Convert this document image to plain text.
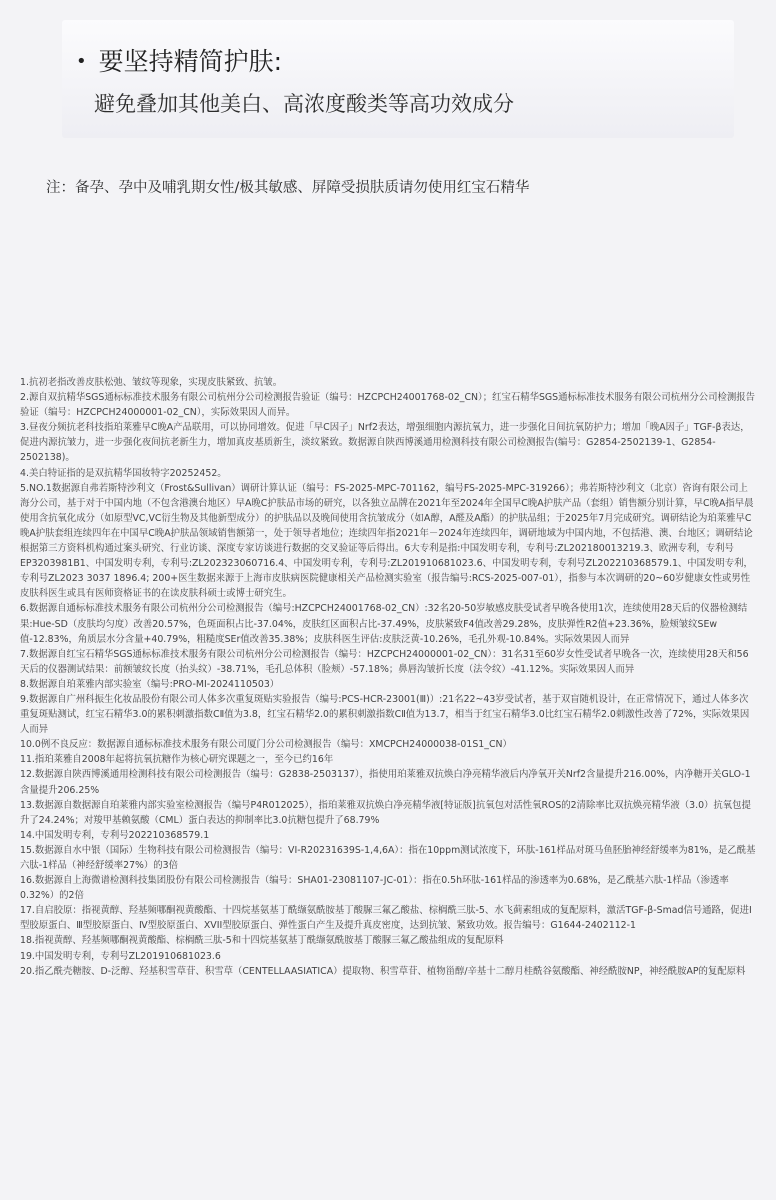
• 要坚持精简护肤:
避免叠加其他美白、高浓度酸类等高功效成分
注：备孕、孕中及哺乳期女性/极其敏感、屏障受损肤质请勿使用红宝石精华

1.抗初老指改善皮肤松弛、皱纹等现象，实现皮肤紧致、抗皱。

2.源自双抗精华SGS通标标准技术服务有限公司杭州分公司检测报告验证（编号：HZCPCH24001768-02_CN）；红宝石精华SGS通标标准技术服务有限公司杭州分公司检测报告验证（编号：HZCPCH24000001-02_CN），实际效果因人而异。

3.昼夜分频抗老科技指珀莱雅早C晚A产品联用，可以协同增效。促进「早C因子」Nrf2表达，增强细胞内源抗氧力，进一步强化日间抗氧防护力；增加「晚A因子」TGF-β表达，促进内源抗皱力，进一步强化夜间抗老新生力，增加真皮基质新生，淡纹紧致。数据源自陕西博溪通用检测科技有限公司检测报告(编号：G2854-2502139-1、G2854-2502138)。

4.美白特证指的是双抗精华国妆特字20252452。

5.NO.1数据源自弗若斯特沙利文（Frost&Sullivan）调研计算认证（编号：FS-2025-MPC-701162，编号FS-2025-MPC-319266）；弗若斯特沙利文（北京）咨询有限公司上海分公司，基于对于中国内地（不包含港澳台地区）早A晚C护肤品市场的研究，以各独立品牌在2021年至2024年全国早C晚A护肤产品（套组）销售额分别计算，早C晚A指早晨使用含抗氧化成分（如原型VC,VC衍生物及其他新型成分）的护肤品以及晚间使用含抗皱成分（如A醇，A醛及A酯）的护肤品组；于2025年7月完成研究。调研结论为珀莱雅早C晚A护肤套组连续四年在中国早C晚A护肤品领域销售额第一，处于领导者地位；连续四年指2021年－2024年连续四年，调研地域为中国内地，不包括港、澳、台地区；调研结论根据第三方资料机构通过案头研究、行业访谈、深度专家访谈进行数据的交叉验证等后得出。6大专利是指:中国发明专利，专利号:ZL202180013219.3、欧洲专利，专利号EP3203981B1、中国发明专利，专利号:ZL202323060716.4、中国发明专利，专利号:ZL201910681023.6、中国发明专利，专利号ZL202210368579.1、中国发明专利，专利号ZL2023 3037 1896.4; 200+医生数据来源于上海市皮肤病医院健康相关产品检测实验室（报告编号:RCS-2025-007-01），指参与本次调研的20~60岁健康女性或男性皮肤科医生或具有医师资格证书的在读皮肤科硕士或博士研究生。

6.数据源自通标标准技术服务有限公司杭州分公司检测报告（编号:HZCPCH24001768-02_CN）:32名20-50岁敏感皮肤受试者早晚各使用1次，连续使用28天后的仪器检测结果:Hue-SD（皮肤均匀度）改善20.57%，色斑面积占比-37.04%，皮肤红区面积占比-37.49%，皮肤紧致F4值改善29.28%，皮肤弹性R2值+23.36%，脸颊皱纹SEw值-12.83%，角质层水分含量+40.79%，粗糙度SEr值改善35.38%；皮肤科医生评估:皮肤泛黄-10.26%，毛孔外观-10.84%。实际效果因人而异

7.数据源自红宝石精华SGS通标标准技术服务有限公司杭州分公司检测报告（编号：HZCPCH24000001-02_CN）：31名31至60岁女性受试者早晚各一次，连续使用28天和56天后的仪器测试结果：前额皱纹长度（抬头纹）-38.71%，毛孔总体积（脸颊）-57.18%；鼻唇沟皱折长度（法令纹）-41.12%。实际效果因人而异

8.数据源自珀莱雅内部实验室（编号:PRO-MI-2024110503）

9.数据源自广州科振生化妆品股份有限公司人体多次重复斑贴实验报告（编号:PCS-HCR-23001(Ⅲ)）:21名22~43岁受试者，基于双盲随机设计，在正常情况下，通过人体多次重复斑贴测试，红宝石精华3.0的累积刺激指数CⅡ值为3.8，红宝石精华2.0的累积刺激指数CⅡ值为13.7，相当于红宝石精华3.0比红宝石精华2.0刺激性改善了72%，实际效果因人而异

10.0例不良反应：数据源自通标标准技术服务有限公司厦门分公司检测报告（编号：XMCPCH24000038-01S1_CN）

11.指珀莱雅自2008年起将抗氧抗糖作为核心研究课题之一，至今已约16年

12.数据源自陕西博溪通用检测科技有限公司检测报告（编号：G2838-2503137），指使用珀莱雅双抗焕白净亮精华液后内净氧开关Nrf2含量提升216.00%，内净糖开关GLO-1含量提升206.25%

13.数据源自数据源自珀莱雅内部实验室检测报告（编号P4R012025），指珀莱雅双抗焕白净亮精华液[特证版]抗氧包对活性氧ROS的2清除率比双抗焕亮精华液（3.0）抗氧包提升了24.24%；对羧甲基赖氨酸（CML）蛋白表达的抑制率比3.0抗糖包提升了68.79%

14.中国发明专利，专利号202210368579.1

15.数据源自水中银（国际）生物科技有限公司检测报告（编号：VI-R20231639S-1,4,6A）：指在10ppm测试浓度下，环肽-161样品对斑马鱼胚胎神经舒缓率为81%，是乙酰基六肽-1样品（神经舒缓率27%）的3倍

16.数据源自上海微谱检测科技集团股份有限公司检测报告（编号：SHA01-23081107-JC-01）：指在0.5h环肽-161样品的渗透率为0.68%，是乙酰基六肽-1样品（渗透率0.32%）的2倍

17.自启胶原：指视黄醇、羟基频哪酮视黄酸酯、十四烷基氨基丁酰缬氨酰胺基丁酸脲三氟乙酸盐、棕榈酰三肽-5、水飞蓟素组成的复配原料，激活TGF-β-Smad信号通路，促进Ⅰ型胶原蛋白、Ⅲ型胶原蛋白、Ⅳ型胶原蛋白、XVII型胶原蛋白、弹性蛋白产生及提升真皮密度，达到抗皱、紧致功效。报告编号：G1644-2402112-1

18.指视黄醇、羟基频哪酮视黄酸酯、棕榈酰三肽-5和十四烷基氨基丁酰缬氨酰胺基丁酸脲三氟乙酸盐组成的复配原料

19.中国发明专利，专利号ZL201910681023.6

20.指乙酰壳糖胺、D-泛醇、羟基积雪草苷、积雪草（CENTELLAASIATICA）提取物、积雪草苷、植物甾醇/辛基十二醇月桂酰谷氨酸酯、神经酰胺NP，神经酰胺AP的复配原料
